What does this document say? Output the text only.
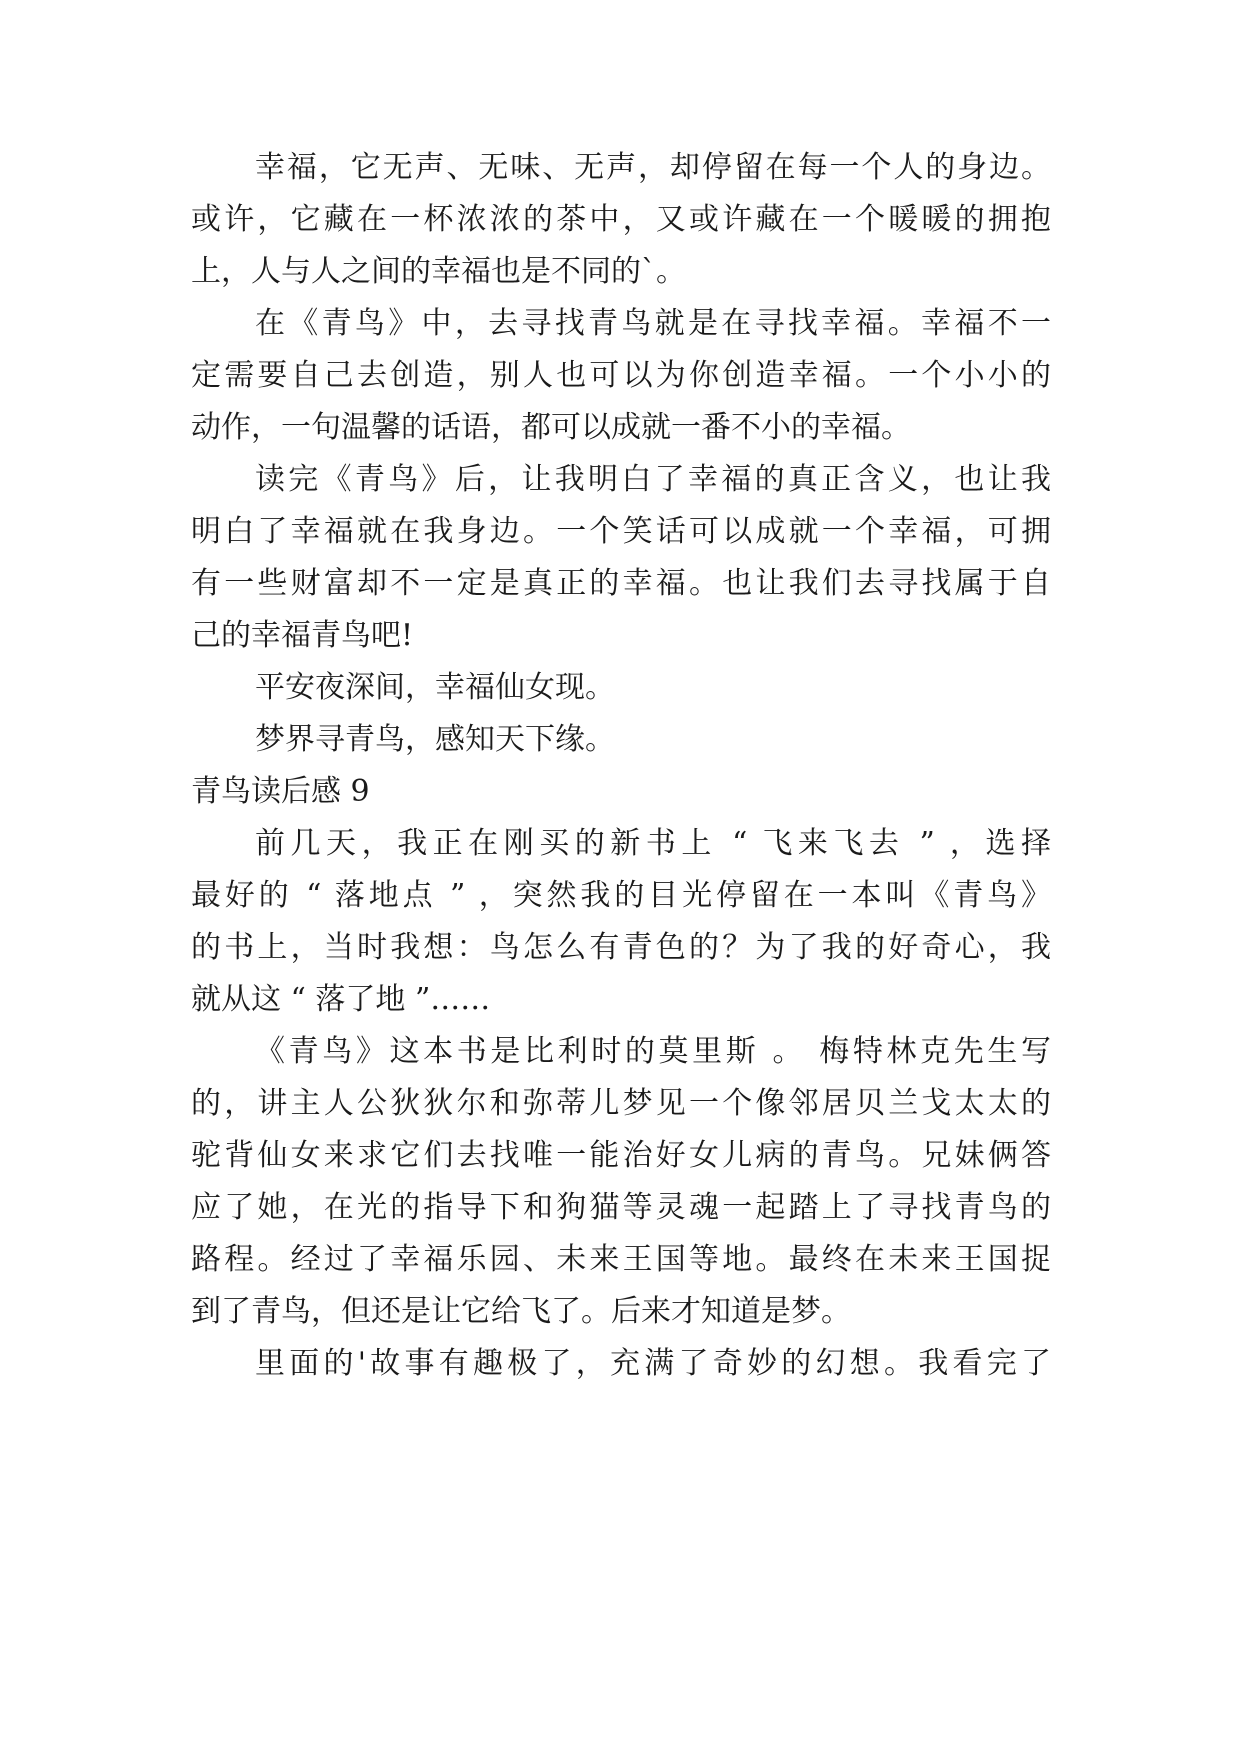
幸福，它无声、无味、无声，却停留在每一个人的身边。
或许，它藏在一杯浓浓的茶中，又或许藏在一个暖暖的拥抱
上，人与人之间的幸福也是不同的`。
在《青鸟》中，去寻找青鸟就是在寻找幸福。幸福不一
定需要自己去创造，别人也可以为你创造幸福。一个小小的
动作，一句温馨的话语，都可以成就一番不小的幸福。
读完《青鸟》后，让我明白了幸福的真正含义，也让我
明白了幸福就在我身边。一个笑话可以成就一个幸福，可拥
有一些财富却不一定是真正的幸福。也让我们去寻找属于自
己的幸福青鸟吧!
平安夜深间，幸福仙女现。
梦界寻青鸟，感知天下缘。
青鸟读后感 9
前几天，我正在刚买的新书上 “ 飞来飞去 ” ，选择
最好的 “ 落地点 ” ，突然我的目光停留在一本叫《青鸟》
的书上，当时我想：鸟怎么有青色的？为了我的好奇心，我
就从这 “ 落了地 ”……
《青鸟》这本书是比利时的莫里斯 。 梅特林克先生写
的，讲主人公狄狄尔和弥蒂儿梦见一个像邻居贝兰戈太太的
驼背仙女来求它们去找唯一能治好女儿病的青鸟。兄妹俩答
应了她，在光的指导下和狗猫等灵魂一起踏上了寻找青鸟的
路程。经过了幸福乐园、未来王国等地。最终在未来王国捉
到了青鸟，但还是让它给飞了。后来才知道是梦。
里面的'故事有趣极了，充满了奇妙的幻想。我看完了
